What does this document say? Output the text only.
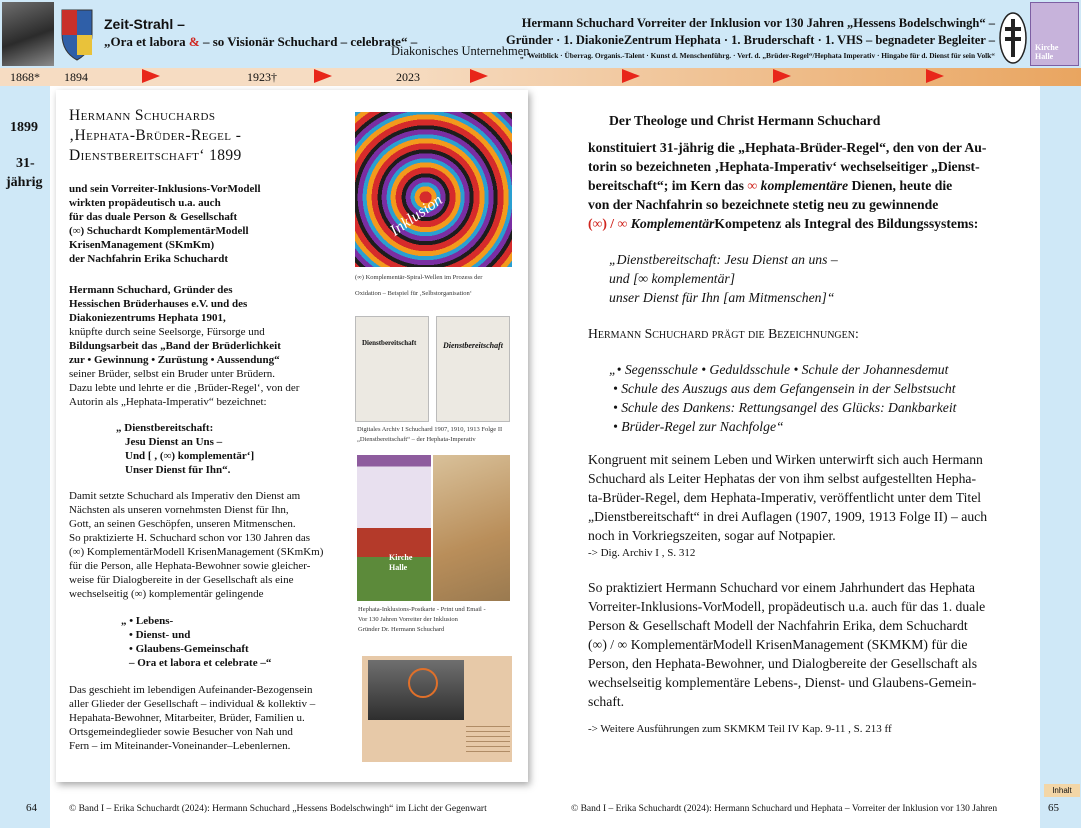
Zeit-Strahl –
„Ora et labora & – so Visionär Schuchard – celebrate“ –
Diakonisches Unternehmen
Hermann Schuchard Vorreiter der Inklusion vor 130 Jahren „Hessens Bodelschwingh“ –
Gründer · 1. DiakonieZentrum Hephata · 1. Bruderschaft · 1. VHS – begnadeter Begleiter –
„· Weitblick · Überrag. Organis.-Talent · Kunst d. Menschenführg. · Verf. d. „Brüder-Regel“/Hephata Imperativ · Hingabe für d. Dienst für sein Volk“
Kirche Halle
1868* 1894	1923†	2023
1899
31-
jährig
Hermann Schuchards
‚Hephata-Brüder-Regel -
Dienstbereitschaft‘ 1899
und sein Vorreiter-Inklusions-VorModell
wirkten propädeutisch u.a. auch
für das duale Person & Gesellschaft
(∞) Schuchardt KomplementärModell
KrisenManagement (SKmKm)
der Nachfahrin Erika Schuchardt
Hermann Schuchard, Gründer des
Hessischen Brüderhauses e.V. und des
Diakoniezentrums Hephata 1901,
knüpfte durch seine Seelsorge, Fürsorge und
Bildungsarbeit das „Band der Brüderlichkeit
zur • Gewinnung • Zurüstung • Aussendung“
seiner Brüder, selbst ein Bruder unter Brüdern.
Dazu lebte und lehrte er die ‚Brüder-Regel‘, von der
Autorin als „Hephata-Imperativ“ bezeichnet:
„ Dienstbereitschaft:
Jesu Dienst an Uns –
Und [ , (∞) komplementär‘]
Unser Dienst für Ihn“.
Damit setzte Schuchard als Imperativ den Dienst am
Nächsten als unseren vornehmsten Dienst für Ihn,
Gott, an seinen Geschöpfen, unseren Mitmenschen.
So praktizierte H. Schuchard schon vor 130 Jahren das
(∞) KomplementärModell KrisenManagement (SKmKm)
für die Person, alle Hephata-Bewohner sowie gleicher-
weise für Dialogbereite in der Gesellschaft als eine
wechselseitig (∞) komplementär gelingende
„ • Lebens-
• Dienst- und
• Glaubens-Gemeinschaft
– Ora et labora et celebrate –“
Das geschieht im lebendigen Aufeinander-Bezogensein
aller Glieder der Gesellschaft – individual & kollektiv –
Hepahata-Bewohner, Mitarbeiter, Brüder, Familien u.
Ortsgemeindeglieder sowie Besucher von Nah und
Fern – im Miteinander-Voneinander–Lebenlernen.
Inklusion
(∞) Komplementär-Spiral-Wellen im Prozess der
Oxidation – Beispiel für ‚Selbstorganisation‘
Dienstbereitschaft	Dienstbereitschaft
Digitales Archiv I Schuchard 1907, 1910, 1913 Folge II
„Dienstbereitschaft“ – der Hephata-Imperativ
Kirche Halle
Hephata-Inklusions-Postkarte - Print und Email -
Vor 130 Jahren Vorreiter der Inklusion
Gründer Dr. Hermann Schuchard
Der Theologe und Christ Hermann Schuchard
konstituiert 31-jährig die „Hephata-Brüder-Regel“, den von der Au-
torin so bezeichneten ‚Hephata-Imperativ‘ wechselseitiger „Dienst-
bereitschaft“; im Kern das ∞ komplementäre Dienen, heute die
von der Nachfahrin so bezeichnete stetig neu zu gewinnende
(∞) / ∞ KomplementärKompetenz als Integral des Bildungssystems:
„Dienstbereitschaft: Jesu Dienst an uns –
und [∞ komplementär]
unser Dienst für Ihn [am Mitmenschen]“
Hermann Schuchard prägt die Bezeichnungen:
„• Segensschule • Geduldsschule • Schule der Johannesdemut
• Schule des Auszugs aus dem Gefangensein in der Selbstsucht
• Schule des Dankens: Rettungsangel des Glücks: Dankbarkeit
• Brüder-Regel zur Nachfolge“
Kongruent mit seinem Leben und Wirken unterwirft sich auch Hermann
Schuchard als Leiter Hephatas der von ihm selbst aufgestellten Hepha-
ta-Brüder-Regel, dem Hephata-Imperativ, veröffentlicht unter dem Titel
„Dienstbereitschaft“ in drei Auflagen (1907, 1909, 1913 Folge II) – auch
noch in Vorkriegszeiten, sogar auf Notpapier.
-> Dig. Archiv I , S. 312
So praktiziert Hermann Schuchard vor einem Jahrhundert das Hephata
Vorreiter-Inklusions-VorModell, propädeutisch u.a. auch für das 1. duale
Person & Gesellschaft Modell der Nachfahrin Erika, dem Schuchardt
(∞) / ∞ KomplementärModell KrisenManagement (SKMKM) für die
Person, den Hephata-Bewohner, und Dialogbereite der Gesellschaft als
wechselseitig komplementäre Lebens-, Dienst- und Glaubens-Gemein-
schaft.
-> Weitere Ausführungen zum SKMKM Teil IV Kap. 9-11 , S. 213 ff
64	© Band I – Erika Schuchardt (2024): Hermann Schuchard „Hessens Bodelschwingh“ im Licht der Gegenwart	© Band I – Erika Schuchardt (2024): Hermann Schuchard und Hephata – Vorreiter der Inklusion vor 130 Jahren	65
Inhalt
